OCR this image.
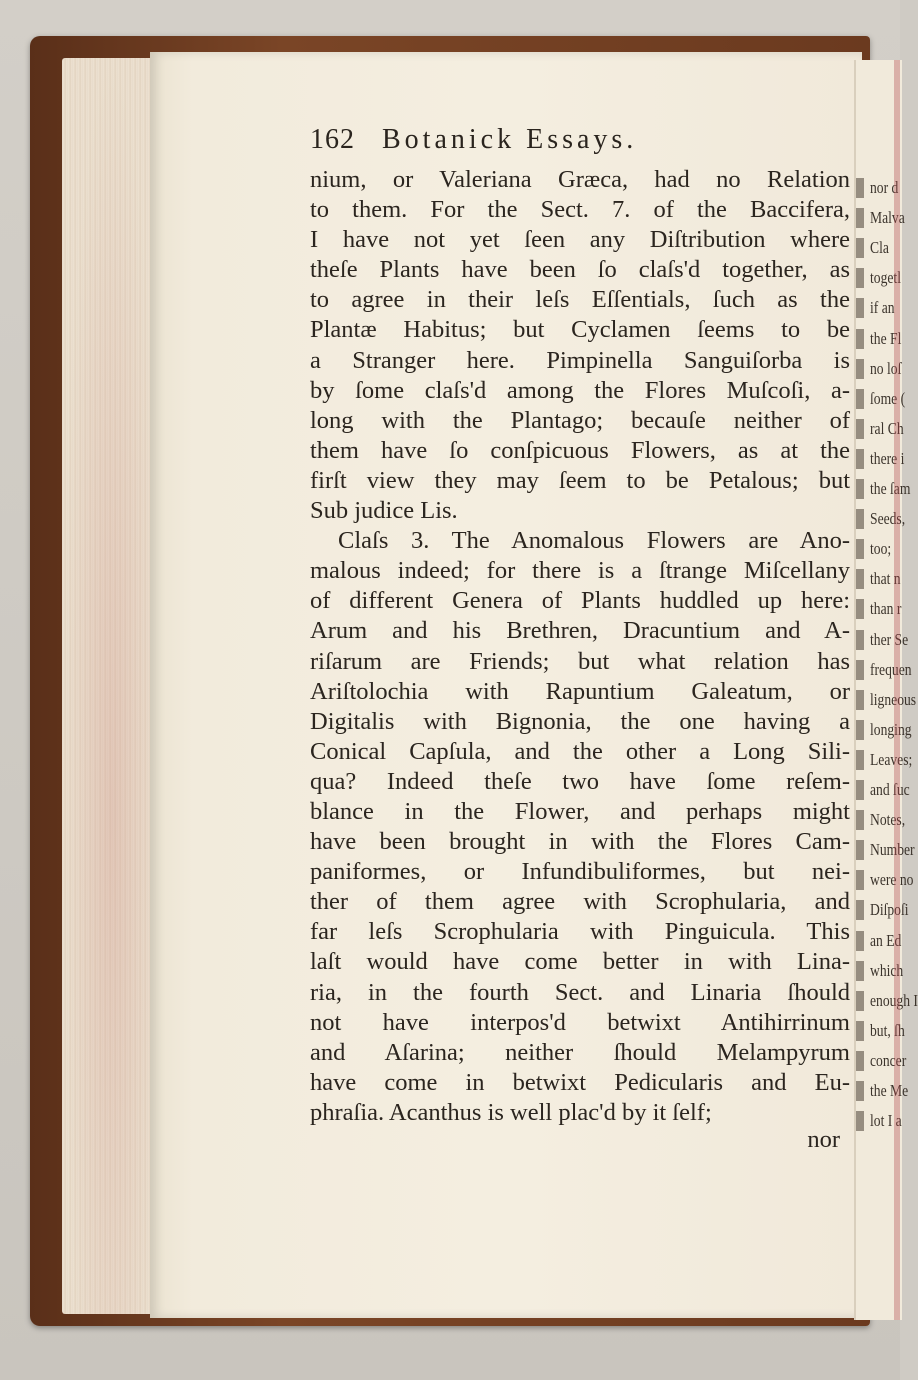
nor d
Malva
Cla
togetl
if an
the Fl
no loſ
ſome (
ral Ch
there i
the ſam
Seeds,
too;
that n
than r
ther Se
frequen
ligneous
longing
Leaves;
and ſuc
Notes,
Number
were no
Diſpoſi
an Ed
which
enough I
but, ſh
concer
the Me
lot I a
162 Botanick Essays.
nium, or Valeriana Græca, had no Relation
to them. For the Sect. 7. of the Baccifera,
I have not yet ſeen any Diſtribution where
theſe Plants have been ſo claſs'd together, as
to agree in their leſs Eſſentials, ſuch as the
Plantæ Habitus; but Cyclamen ſeems to be
a Stranger here. Pimpinella Sanguiſorba is
by ſome claſs'd among the Flores Muſcoſi, a-
long with the Plantago; becauſe neither of
them have ſo conſpicuous Flowers, as at the
firſt view they may ſeem to be Petalous; but
Sub judice Lis.
Claſs 3. The Anomalous Flowers are Ano-
malous indeed; for there is a ſtrange Miſcellany
of different Genera of Plants huddled up here:
Arum and his Brethren, Dracuntium and A-
riſarum are Friends; but what relation has
Ariſtolochia with Rapuntium Galeatum, or
Digitalis with Bignonia, the one having a
Conical Capſula, and the other a Long Sili-
qua? Indeed theſe two have ſome reſem-
blance in the Flower, and perhaps might
have been brought in with the Flores Cam-
paniformes, or Infundibuliformes, but nei-
ther of them agree with Scrophularia, and
far leſs Scrophularia with Pinguicula. This
laſt would have come better in with Lina-
ria, in the fourth Sect. and Linaria ſhould
not have interpos'd betwixt Antihirrinum
and Aſarina; neither ſhould Melampyrum
have come in betwixt Pedicularis and Eu-
phraſia. Acanthus is well plac'd by it ſelf;
nor
